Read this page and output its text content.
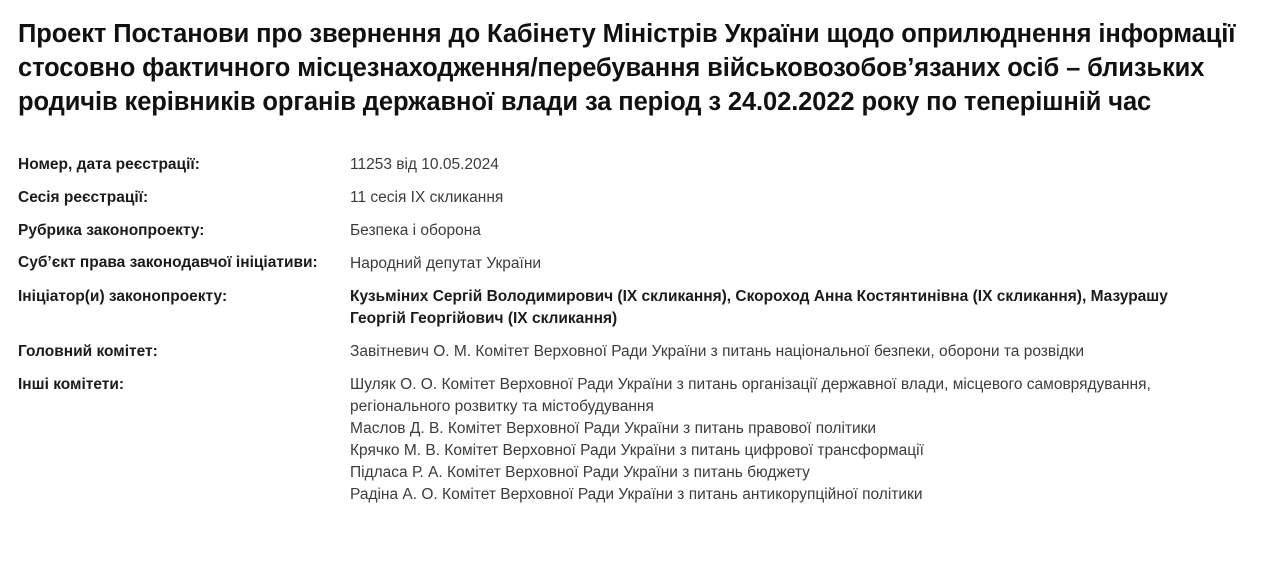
Проект Постанови про звернення до Кабінету Міністрів України щодо оприлюднення інформації стосовно фактичного місцезнаходження/перебування військовозобов’язаних осіб – близьких родичів керівників органів державної влади за період з 24.02.2022 року по теперішній час
Номер, дата реєстрації:	11253 від 10.05.2024
Сесія реєстрації:	11 сесія IX скликання
Рубрика законопроекту:	Безпека і оборона
Суб’єкт права законодавчої ініціативи:	Народний депутат України
Ініціатор(и) законопроекту:	Кузьміних Сергій Володимирович (IX скликання), Скороход Анна Костянтинівна (IX скликання), Мазурашу
Георгій Георгійович (IX скликання)
Головний комітет:	Завітневич О. М. Комітет Верховної Ради України з питань національної безпеки, оборони та розвідки
Інші комітети:	Шуляк О. О. Комітет Верховної Ради України з питань організації державної влади, місцевого самоврядування,
регіонального розвитку та містобудування
Маслов Д. В. Комітет Верховної Ради України з питань правової політики
Крячко М. В. Комітет Верховної Ради України з питань цифрової трансформації
Підласа Р. А. Комітет Верховної Ради України з питань бюджету
Радіна А. О. Комітет Верховної Ради України з питань антикорупційної політики
